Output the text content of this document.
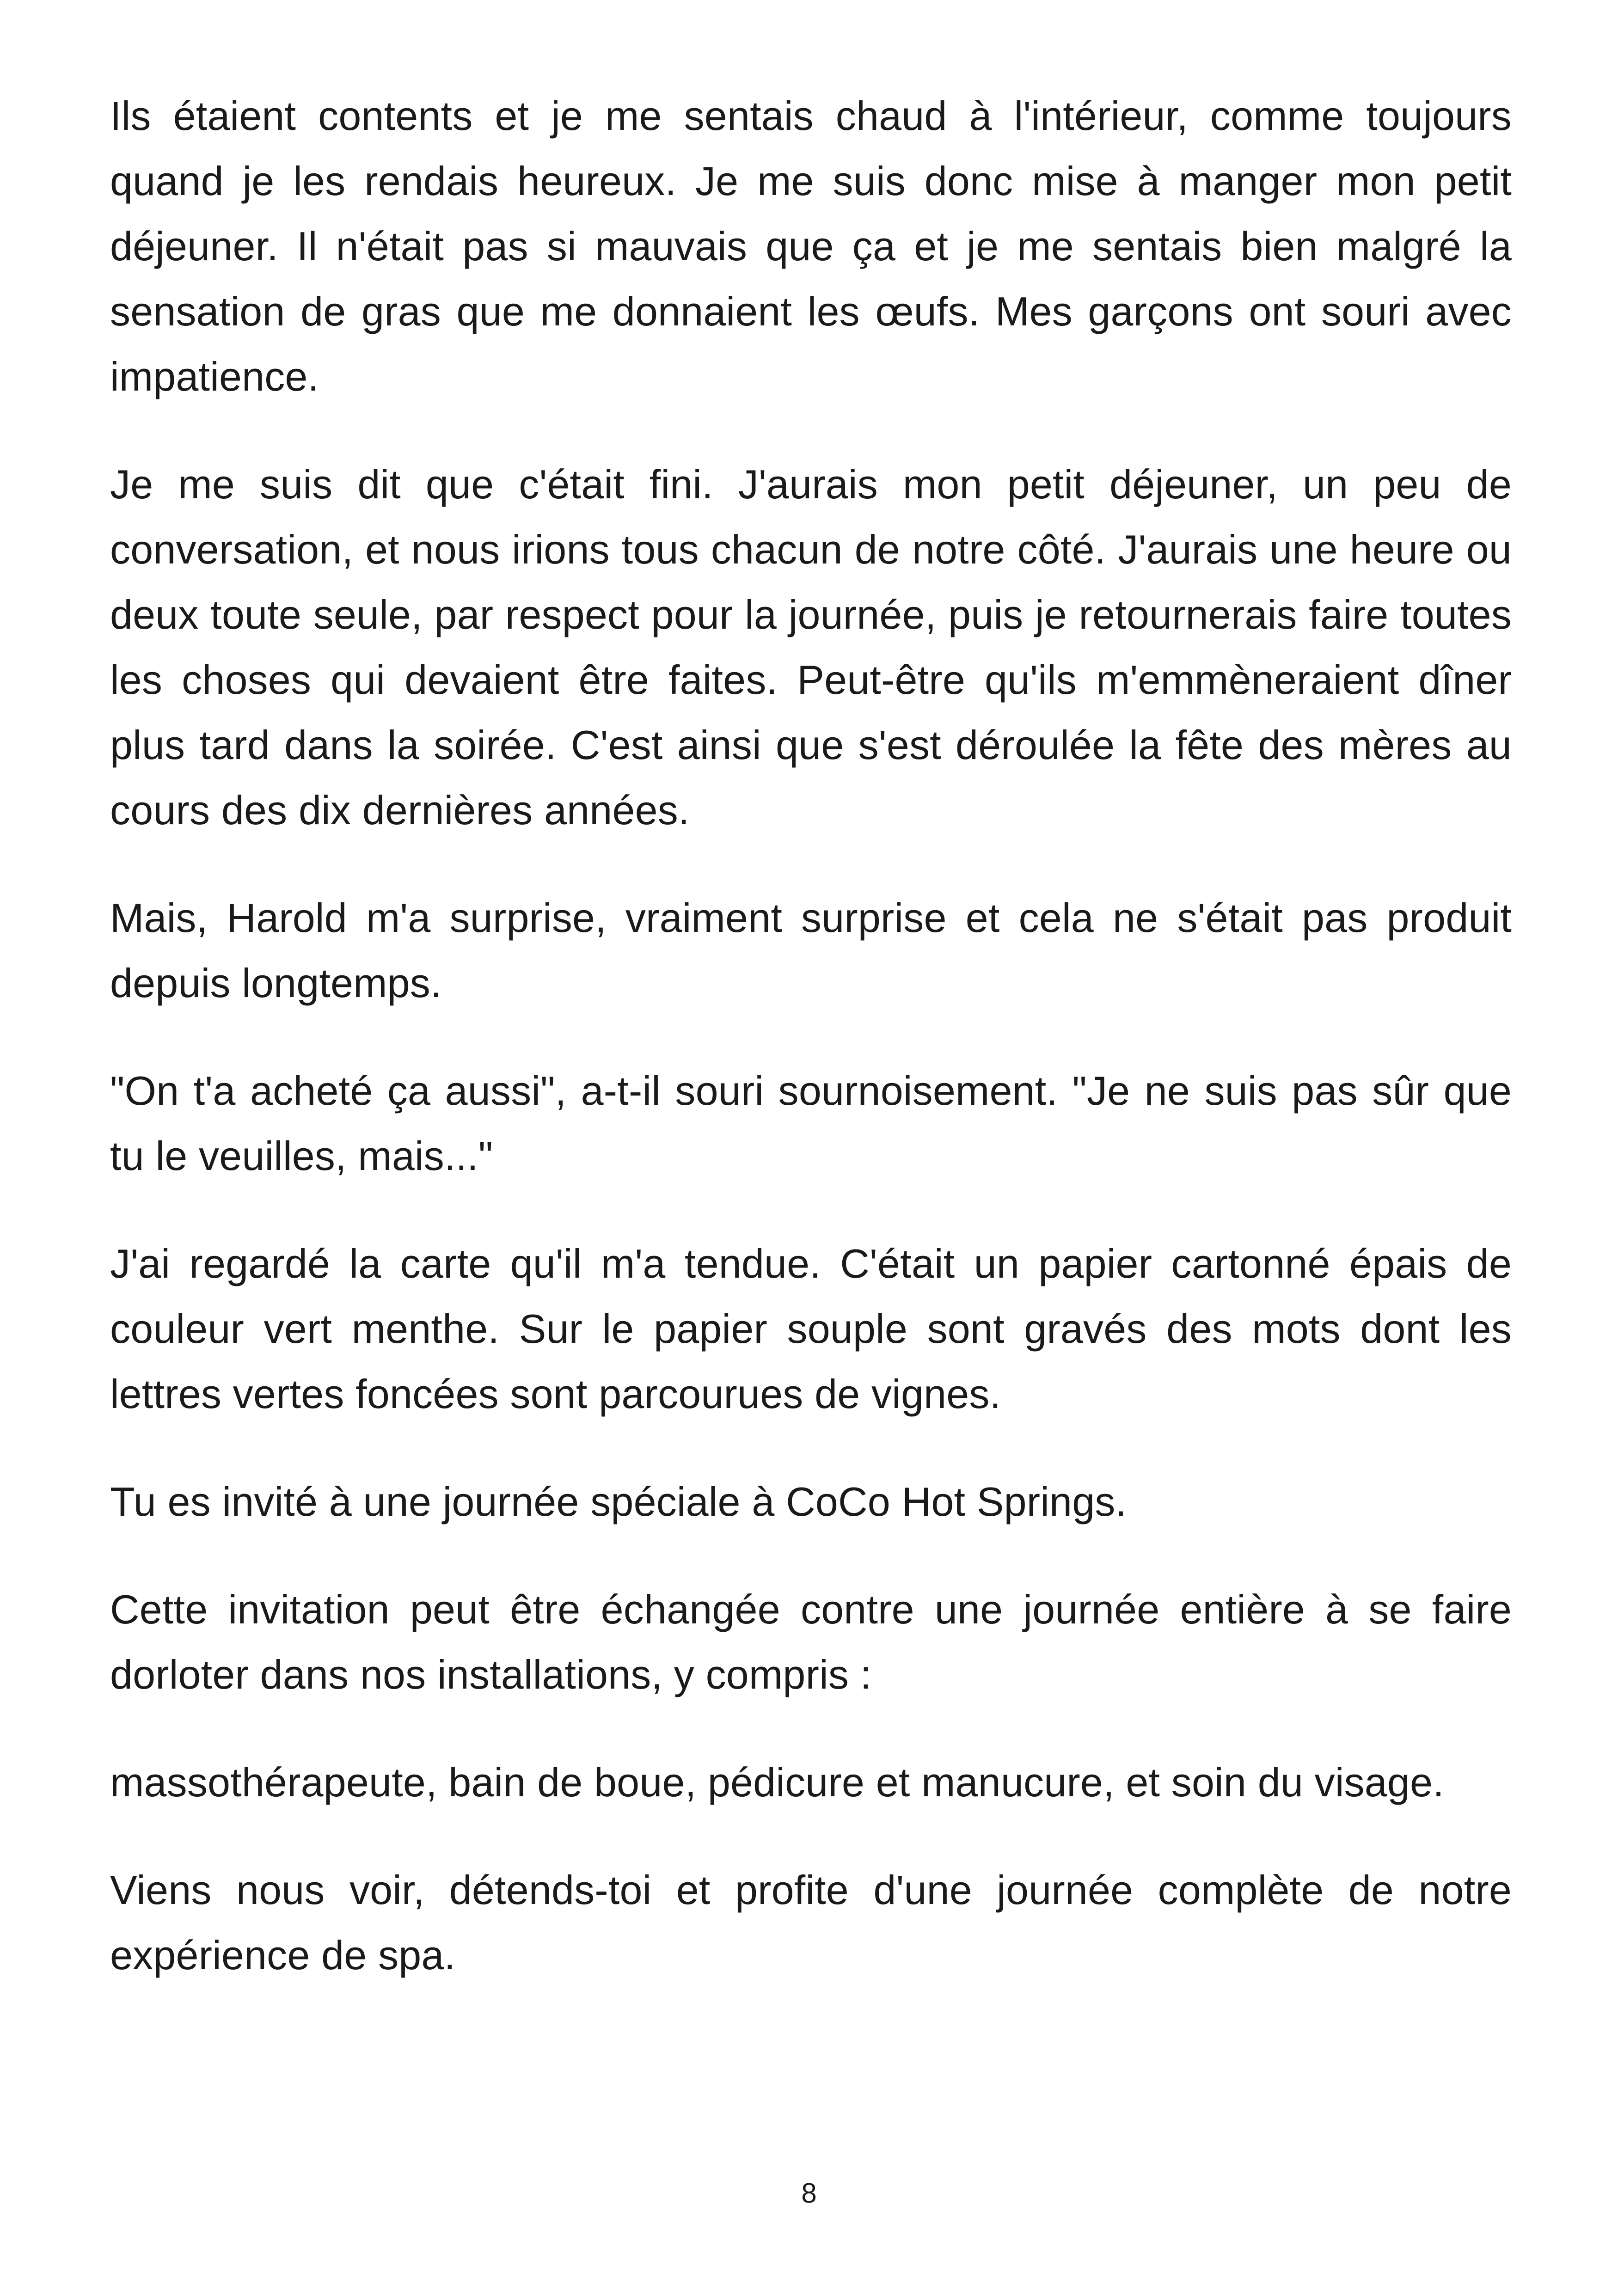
Ils étaient contents et je me sentais chaud à l'intérieur, comme toujours quand je les rendais heureux. Je me suis donc mise à manger mon petit déjeuner. Il n'était pas si mauvais que ça et je me sentais bien malgré la sensation de gras que me donnaient les œufs. Mes garçons ont souri avec impatience.

Je me suis dit que c'était fini. J'aurais mon petit déjeuner, un peu de conversation, et nous irions tous chacun de notre côté. J'aurais une heure ou deux toute seule, par respect pour la journée, puis je retournerais faire toutes les choses qui devaient être faites. Peut-être qu'ils m'emmèneraient dîner plus tard dans la soirée. C'est ainsi que s'est déroulée la fête des mères au cours des dix dernières années.

Mais, Harold m'a surprise, vraiment surprise et cela ne s'était pas produit depuis longtemps.

"On t'a acheté ça aussi", a-t-il souri sournoisement. "Je ne suis pas sûr que tu le veuilles, mais..."

J'ai regardé la carte qu'il m'a tendue. C'était un papier cartonné épais de couleur vert menthe. Sur le papier souple sont gravés des mots dont les lettres vertes foncées sont parcourues de vignes.

Tu es invité à une journée spéciale à CoCo Hot Springs.

Cette invitation peut être échangée contre une journée entière à se faire dorloter dans nos installations, y compris :

massothérapeute, bain de boue, pédicure et manucure, et soin du visage.

Viens nous voir, détends-toi et profite d'une journée complète de notre expérience de spa.

8
